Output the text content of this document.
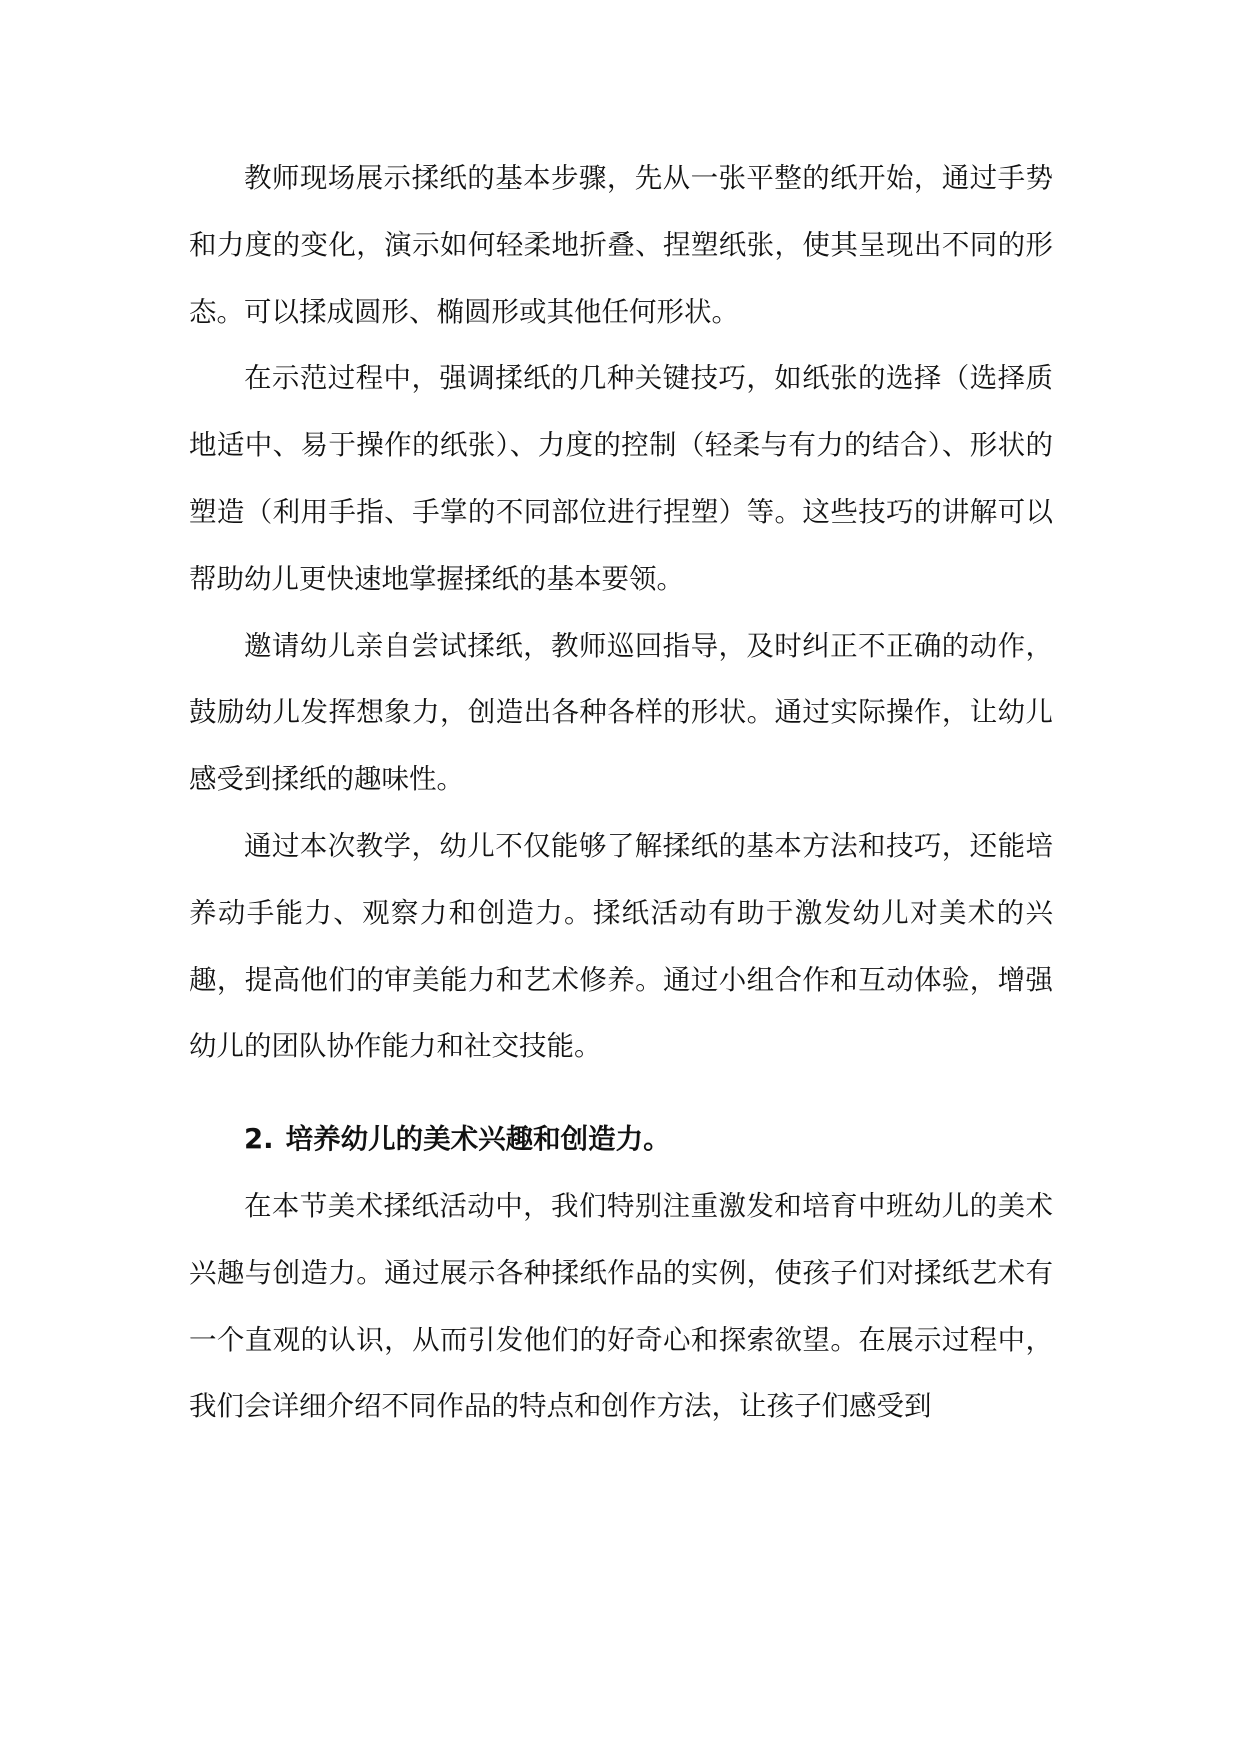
教师现场展示揉纸的基本步骤，先从一张平整的纸开始，通过手势和力度的变化，演示如何轻柔地折叠、捏塑纸张，使其呈现出不同的形态。可以揉成圆形、椭圆形或其他任何形状。

在示范过程中，强调揉纸的几种关键技巧，如纸张的选择（选择质地适中、易于操作的纸张）、力度的控制（轻柔与有力的结合）、形状的塑造（利用手指、手掌的不同部位进行捏塑）等。这些技巧的讲解可以帮助幼儿更快速地掌握揉纸的基本要领。

邀请幼儿亲自尝试揉纸，教师巡回指导，及时纠正不正确的动作，鼓励幼儿发挥想象力，创造出各种各样的形状。通过实际操作，让幼儿感受到揉纸的趣味性。

通过本次教学，幼儿不仅能够了解揉纸的基本方法和技巧，还能培养动手能力、观察力和创造力。揉纸活动有助于激发幼儿对美术的兴趣，提高他们的审美能力和艺术修养。通过小组合作和互动体验，增强幼儿的团队协作能力和社交技能。

2. 培养幼儿的美术兴趣和创造力。

在本节美术揉纸活动中，我们特别注重激发和培育中班幼儿的美术兴趣与创造力。通过展示各种揉纸作品的实例，使孩子们对揉纸艺术有一个直观的认识，从而引发他们的好奇心和探索欲望。在展示过程中，我们会详细介绍不同作品的特点和创作方法，让孩子们感受到
